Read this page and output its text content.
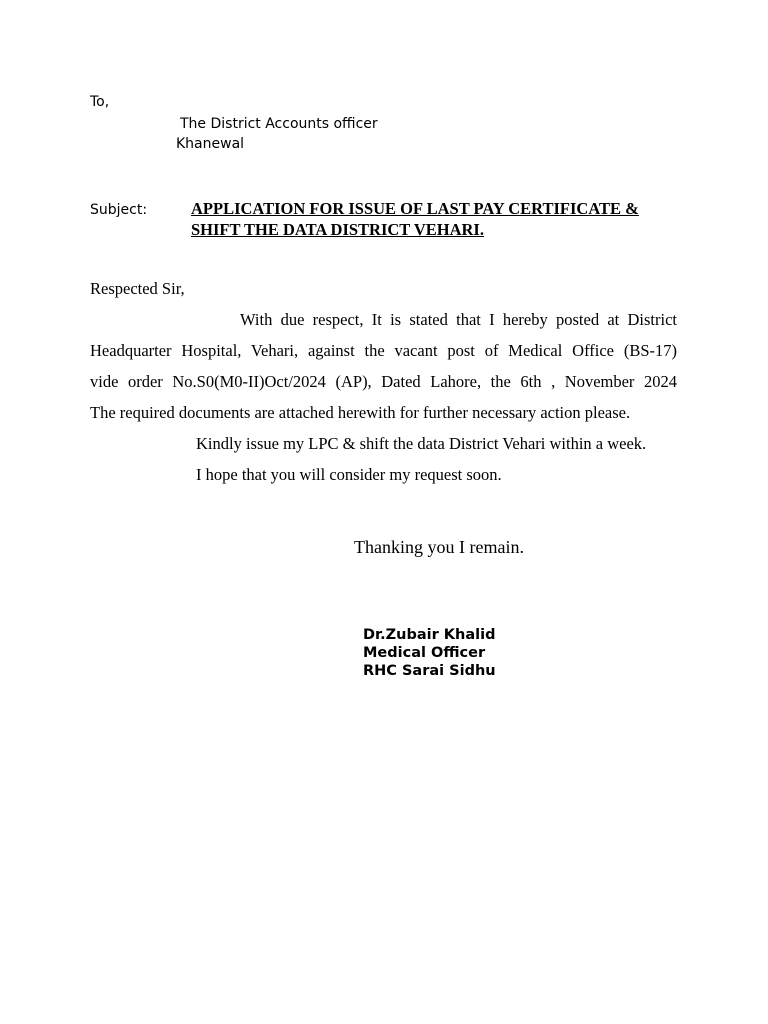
To,
The District Accounts officer
Khanewal
Subject:	APPLICATION FOR ISSUE OF LAST PAY CERTIFICATE &
SHIFT THE DATA DISTRICT VEHARI.
Respected Sir,
With due respect, It is stated that I hereby posted at District
Headquarter Hospital, Vehari, against the vacant post of Medical Office (BS-17)
vide order No.S0(M0-II)Oct/2024 (AP), Dated Lahore, the 6th , November 2024
The required documents are attached herewith for further necessary action please.
Kindly issue my LPC & shift the data District Vehari within a week.
I hope that you will consider my request soon.
Thanking you I remain.
Dr.Zubair Khalid
Medical Officer
RHC Sarai Sidhu
